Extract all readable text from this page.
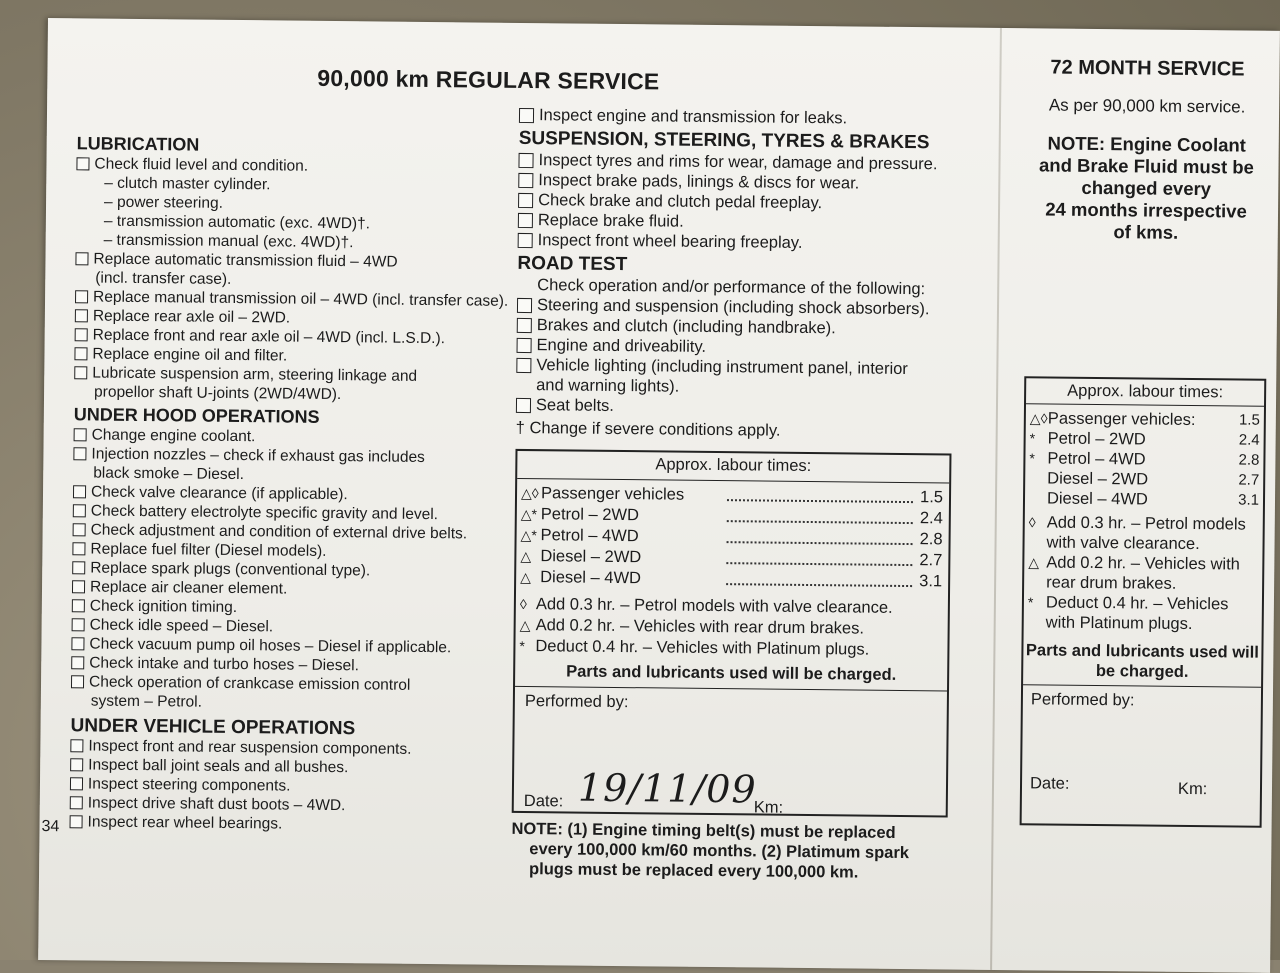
90,000 km REGULAR SERVICE
LUBRICATION
Check fluid level and condition.
– clutch master cylinder.
– power steering.
– transmission automatic (exc. 4WD)†.
– transmission manual (exc. 4WD)†.
Replace automatic transmission fluid – 4WD
(incl. transfer case).
Replace manual transmission oil – 4WD (incl. transfer case).
Replace rear axle oil – 2WD.
Replace front and rear axle oil – 4WD (incl. L.S.D.).
Replace engine oil and filter.
Lubricate suspension arm, steering linkage and
propellor shaft U-joints (2WD/4WD).
UNDER HOOD OPERATIONS
Change engine coolant.
Injection nozzles – check if exhaust gas includes
black smoke – Diesel.
Check valve clearance (if applicable).
Check battery electrolyte specific gravity and level.
Check adjustment and condition of external drive belts.
Replace fuel filter (Diesel models).
Replace spark plugs (conventional type).
Replace air cleaner element.
Check ignition timing.
Check idle speed – Diesel.
Check vacuum pump oil hoses – Diesel if applicable.
Check intake and turbo hoses – Diesel.
Check operation of crankcase emission control
system – Petrol.
UNDER VEHICLE OPERATIONS
Inspect front and rear suspension components.
Inspect ball joint seals and all bushes.
Inspect steering components.
Inspect drive shaft dust boots – 4WD.
Inspect rear wheel bearings.
34
Inspect engine and transmission for leaks.
SUSPENSION, STEERING, TYRES & BRAKES
Inspect tyres and rims for wear, damage and pressure.
Inspect brake pads, linings & discs for wear.
Check brake and clutch pedal freeplay.
Replace brake fluid.
Inspect front wheel bearing freeplay.
ROAD TEST
Check operation and/or performance of the following:
Steering and suspension (including shock absorbers).
Brakes and clutch (including handbrake).
Engine and driveability.
Vehicle lighting (including instrument panel, interior
and warning lights).
Seat belts.
† Change if severe conditions apply.
Approx. labour times:
△◊ Passenger vehicles	1.5
△* Petrol – 2WD	2.4
△* Petrol – 4WD	2.8
△ Diesel – 2WD	2.7
△ Diesel – 4WD	3.1
◊ Add 0.3 hr. – Petrol models with valve clearance.
△ Add 0.2 hr. – Vehicles with rear drum brakes.
* Deduct 0.4 hr. – Vehicles with Platinum plugs.
Parts and lubricants used will be charged.
Performed by:
Date: 19/11/09
Km:
NOTE: (1) Engine timing belt(s) must be replaced
every 100,000 km/60 months. (2) Platimum spark
plugs must be replaced every 100,000 km.
72 MONTH SERVICE
As per 90,000 km service.
NOTE: Engine Coolant
and Brake Fluid must be
changed every
24 months irrespective
of kms.
Approx. labour times:
△◊ Passenger vehicles:	1.5
* Petrol – 2WD	2.4
* Petrol – 4WD	2.8
Diesel – 2WD	2.7
Diesel – 4WD	3.1
◊ Add 0.3 hr. – Petrol models with valve clearance.
△ Add 0.2 hr. – Vehicles with rear drum brakes.
* Deduct 0.4 hr. – Vehicles with Platinum plugs.
Parts and lubricants used will be charged.
Performed by:
Date:	Km:
